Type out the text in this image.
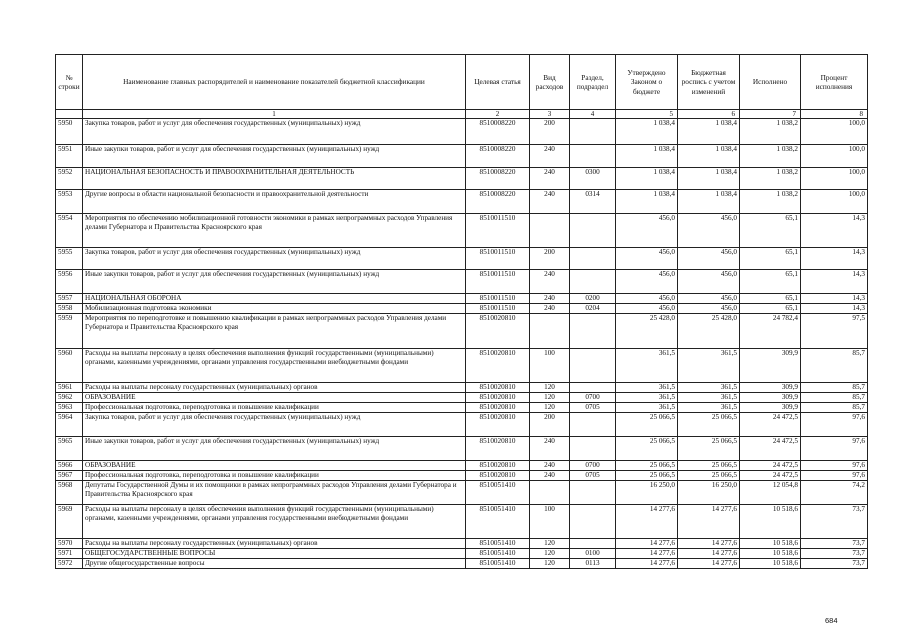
№ строки	Наименование главных распорядителей и наименование показателей бюджетной классификации	Целевая статья	Вид расходов	Раздел, подраздел	Утверждено Законом о бюджете	Бюджетная роспись с учетом изменений	Исполнено	Процент исполнения
	1	2	3	4	5	6	7	8
5950	Закупка товаров, работ и услуг для обеспечения государственных (муниципальных) нужд	8510008220	200		1 038,4	1 038,4	1 038,2	100,0
5951	Иные закупки товаров, работ и услуг для обеспечения государственных (муниципальных) нужд	8510008220	240		1 038,4	1 038,4	1 038,2	100,0
5952	НАЦИОНАЛЬНАЯ БЕЗОПАСНОСТЬ И ПРАВООХРАНИТЕЛЬНАЯ ДЕЯТЕЛЬНОСТЬ	8510008220	240	0300	1 038,4	1 038,4	1 038,2	100,0
5953	Другие вопросы в области национальной безопасности и правоохранительной деятельности	8510008220	240	0314	1 038,4	1 038,4	1 038,2	100,0
5954	Мероприятия по обеспечению мобилизационной готовности экономики в рамках непрограммных расходов Управления делами Губернатора и Правительства Красноярского края	8510011510			456,0	456,0	65,1	14,3
5955	Закупка товаров, работ и услуг для обеспечения государственных (муниципальных) нужд	8510011510	200		456,0	456,0	65,1	14,3
5956	Иные закупки товаров, работ и услуг для обеспечения государственных (муниципальных) нужд	8510011510	240		456,0	456,0	65,1	14,3
5957	НАЦИОНАЛЬНАЯ ОБОРОНА	8510011510	240	0200	456,0	456,0	65,1	14,3
5958	Мобилизационная подготовка экономики	8510011510	240	0204	456,0	456,0	65,1	14,3
5959	Мероприятия по переподготовке и повышению квалификации в рамках непрограммных расходов Управления делами Губернатора и Правительства Красноярского края	8510020810			25 428,0	25 428,0	24 782,4	97,5
5960	Расходы на выплаты персоналу в целях обеспечения выполнения функций государственными (муниципальными) органами, казенными учреждениями, органами управления государственными внебюджетными фондами	8510020810	100		361,5	361,5	309,9	85,7
5961	Расходы на выплаты персоналу государственных (муниципальных) органов	8510020810	120		361,5	361,5	309,9	85,7
5962	ОБРАЗОВАНИЕ	8510020810	120	0700	361,5	361,5	309,9	85,7
5963	Профессиональная подготовка, переподготовка и повышение квалификации	8510020810	120	0705	361,5	361,5	309,9	85,7
5964	Закупка товаров, работ и услуг для обеспечения государственных (муниципальных) нужд	8510020810	200		25 066,5	25 066,5	24 472,5	97,6
5965	Иные закупки товаров, работ и услуг для обеспечения государственных (муниципальных) нужд	8510020810	240		25 066,5	25 066,5	24 472,5	97,6
5966	ОБРАЗОВАНИЕ	8510020810	240	0700	25 066,5	25 066,5	24 472,5	97,6
5967	Профессиональная подготовка, переподготовка и повышение квалификации	8510020810	240	0705	25 066,5	25 066,5	24 472,5	97,6
5968	Депутаты Государственной Думы и их помощники в рамках непрограммных расходов Управления делами Губернатора и Правительства Красноярского края	8510051410			16 250,0	16 250,0	12 054,8	74,2
5969	Расходы на выплаты персоналу в целях обеспечения выполнения функций государственными (муниципальными) органами, казенными учреждениями, органами управления государственными внебюджетными фондами	8510051410	100		14 277,6	14 277,6	10 518,6	73,7
5970	Расходы на выплаты персоналу государственных (муниципальных) органов	8510051410	120		14 277,6	14 277,6	10 518,6	73,7
5971	ОБЩЕГОСУДАРСТВЕННЫЕ ВОПРОСЫ	8510051410	120	0100	14 277,6	14 277,6	10 518,6	73,7
5972	Другие общегосударственные вопросы	8510051410	120	0113	14 277,6	14 277,6	10 518,6	73,7
684
